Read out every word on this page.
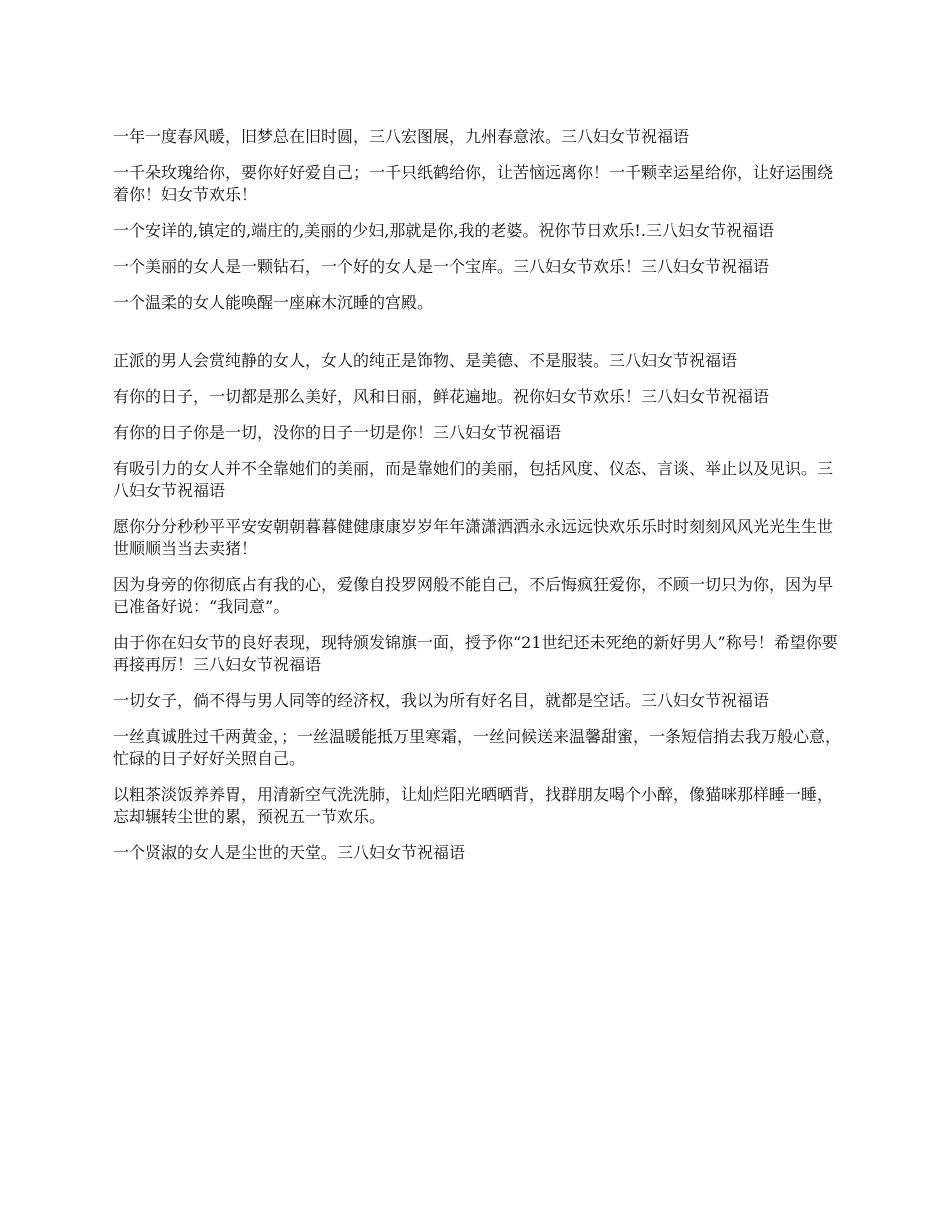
一年一度春风暖，旧梦总在旧时圆，三八宏图展，九州春意浓。三八妇女节祝福语

一千朵玫瑰给你，要你好好爱自己；一千只纸鹤给你，让苦恼远离你！一千颗幸运星给你，让好运围绕着你！妇女节欢乐！

一个安详的,镇定的,端庄的,美丽的少妇,那就是你,我的老婆。祝你节日欢乐!.三八妇女节祝福语

一个美丽的女人是一颗钻石，一个好的女人是一个宝库。三八妇女节欢乐！三八妇女节祝福语

一个温柔的女人能唤醒一座麻木沉睡的宫殿。

正派的男人会赏纯静的女人，女人的纯正是饰物、是美德、不是服装。三八妇女节祝福语

有你的日子，一切都是那么美好，风和日丽，鲜花遍地。祝你妇女节欢乐！三八妇女节祝福语

有你的日子你是一切，没你的日子一切是你！三八妇女节祝福语

有吸引力的女人并不全靠她们的美丽，而是靠她们的美丽，包括风度、仪态、言谈、举止以及见识。三八妇女节祝福语

愿你分分秒秒平平安安朝朝暮暮健健康康岁岁年年潇潇洒洒永永远远快欢乐乐时时刻刻风风光光生生世世顺顺当当去卖猪！

因为身旁的你彻底占有我的心，爱像自投罗网般不能自己，不后悔疯狂爱你，不顾一切只为你，因为早已准备好说：“我同意”。

由于你在妇女节的良好表现，现特颁发锦旗一面，授予你“21世纪还未死绝的新好男人”称号！希望你要再接再厉！三八妇女节祝福语

一切女子，倘不得与男人同等的经济权，我以为所有好名目，就都是空话。三八妇女节祝福语

一丝真诚胜过千两黄金，；一丝温暖能抵万里寒霜，一丝问候送来温馨甜蜜，一条短信捎去我万般心意，忙碌的日子好好关照自己。

以粗茶淡饭养养胃，用清新空气洗洗肺，让灿烂阳光晒晒背，找群朋友喝个小醉，像猫咪那样睡一睡，忘却辗转尘世的累，预祝五一节欢乐。

一个贤淑的女人是尘世的天堂。三八妇女节祝福语
